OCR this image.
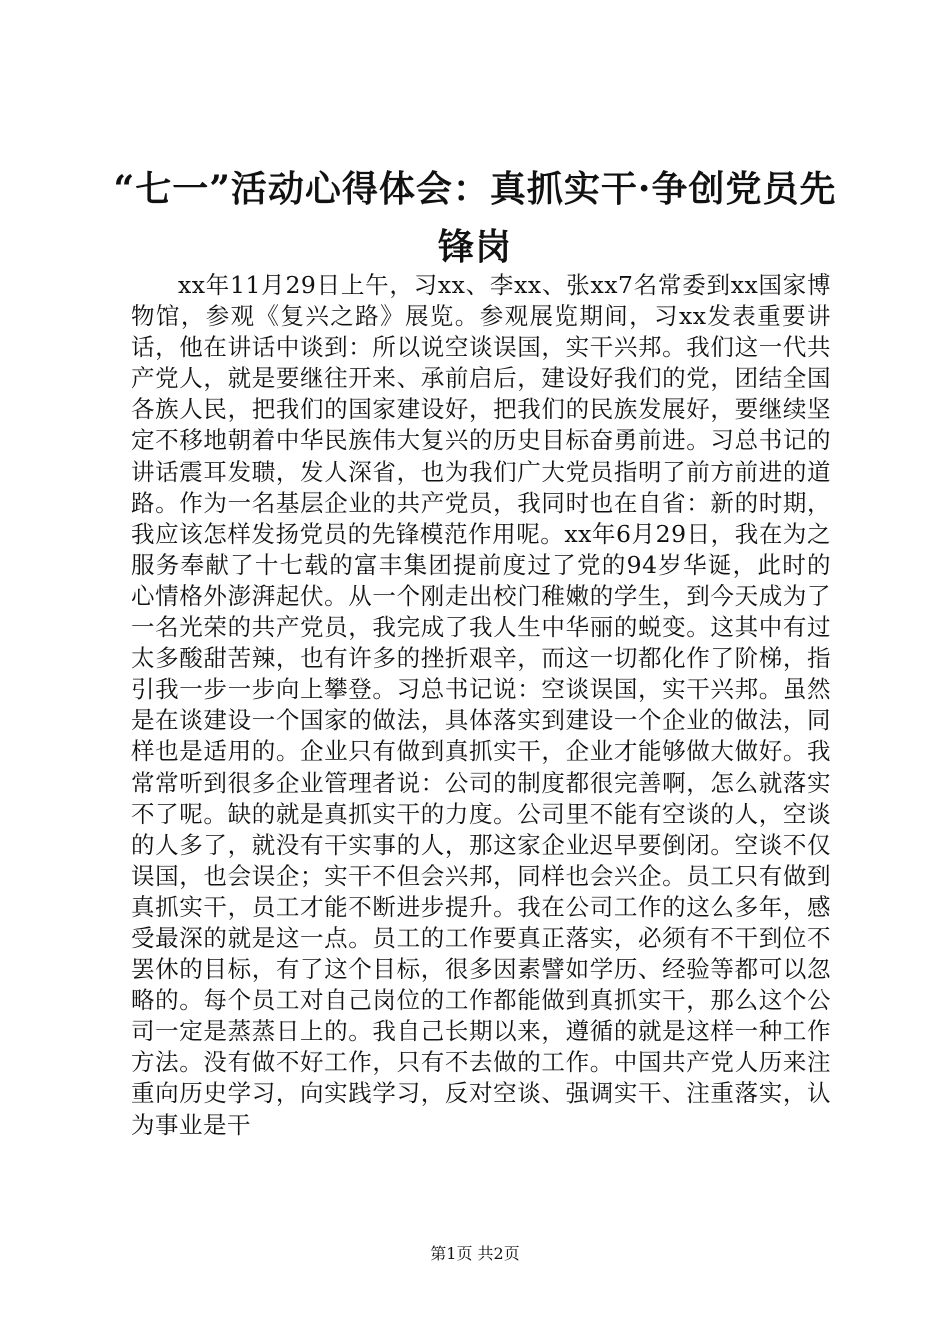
“七一”活动心得体会：真抓实干·争创党员先锋岗
xx年11月29日上午，习xx、李xx、张xx7名常委到xx国家博物馆，参观《复兴之路》展览。参观展览期间，习xx发表重要讲话，他在讲话中谈到：所以说空谈误国，实干兴邦。我们这一代共产党人，就是要继往开来、承前启后，建设好我们的党，团结全国各族人民，把我们的国家建设好，把我们的民族发展好，要继续坚定不移地朝着中华民族伟大复兴的历史目标奋勇前进。习总书记的讲话震耳发聩，发人深省，也为我们广大党员指明了前方前进的道路。作为一名基层企业的共产党员，我同时也在自省：新的时期，我应该怎样发扬党员的先锋模范作用呢。xx年6月29日，我在为之服务奉献了十七载的富丰集团提前度过了党的94岁华诞，此时的心情格外澎湃起伏。从一个刚走出校门稚嫩的学生，到今天成为了一名光荣的共产党员，我完成了我人生中华丽的蜕变。这其中有过太多酸甜苦辣，也有许多的挫折艰辛，而这一切都化作了阶梯，指引我一步一步向上攀登。习总书记说：空谈误国，实干兴邦。虽然是在谈建设一个国家的做法，具体落实到建设一个企业的做法，同样也是适用的。企业只有做到真抓实干，企业才能够做大做好。我常常听到很多企业管理者说：公司的制度都很完善啊，怎么就落实不了呢。缺的就是真抓实干的力度。公司里不能有空谈的人，空谈的人多了，就没有干实事的人，那这家企业迟早要倒闭。空谈不仅误国，也会误企；实干不但会兴邦，同样也会兴企。员工只有做到真抓实干，员工才能不断进步提升。我在公司工作的这么多年，感受最深的就是这一点。员工的工作要真正落实，必须有不干到位不罢休的目标，有了这个目标，很多因素譬如学历、经验等都可以忽略的。每个员工对自己岗位的工作都能做到真抓实干，那么这个公司一定是蒸蒸日上的。我自己长期以来，遵循的就是这样一种工作方法。没有做不好工作，只有不去做的工作。中国共产党人历来注重向历史学习，向实践学习，反对空谈、强调实干、注重落实，认为事业是干
第1页 共2页
